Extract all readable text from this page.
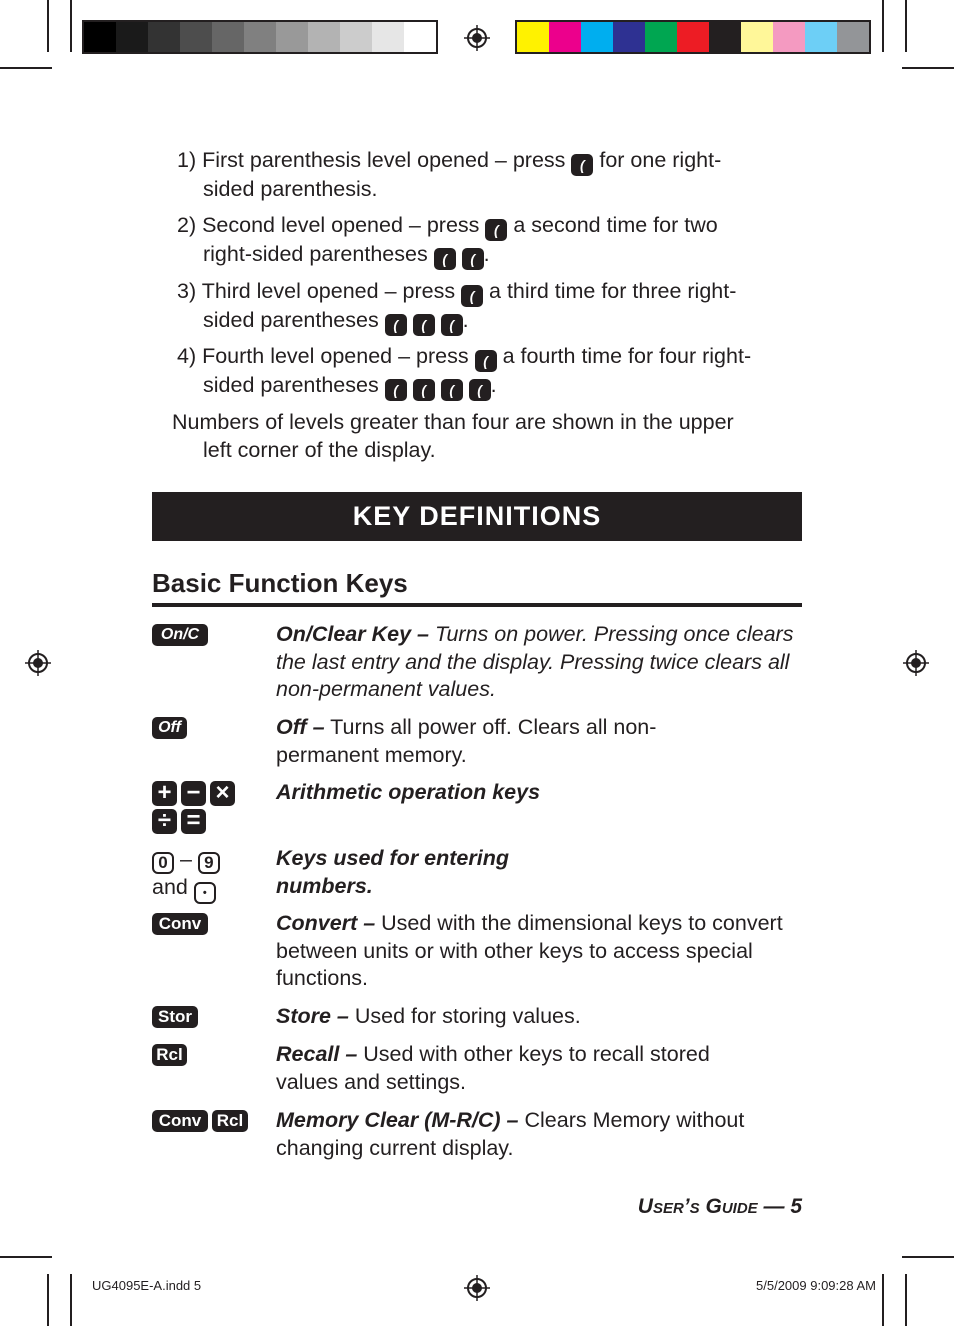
1) First parenthesis level opened – press ( for one right-
sided parenthesis.
2) Second level opened – press ( a second time for two
right-sided parentheses ( ( .
3) Third level opened – press ( a third time for three right-
sided parentheses ( ( ( .
4) Fourth level opened – press ( a fourth time for four right-
sided parentheses ( ( ( ( .
Numbers of levels greater than four are shown in the upper
left corner of the display.
KEY DEFINITIONS
Basic Function Keys
On/C
Off
+ − ×
÷ =
0 – 9
and •
Conv
Stor
Rcl
Conv Rcl
On/Clear Key – Turns on power. Pressing once clears the last entry and the display. Pressing twice clears all non-permanent values.
Off – Turns all power off. Clears all non-permanent memory.
Arithmetic operation keys
Keys used for entering numbers.
Convert – Used with the dimensional keys to convert between units or with other keys to access special functions.
Store – Used for storing values.
Recall – Used with other keys to recall stored values and settings.
Memory Clear (M-R/C) – Clears Memory without changing current display.
User’s Guide — 5
UG4095E-A.indd 5	5/5/2009 9:09:28 AM
